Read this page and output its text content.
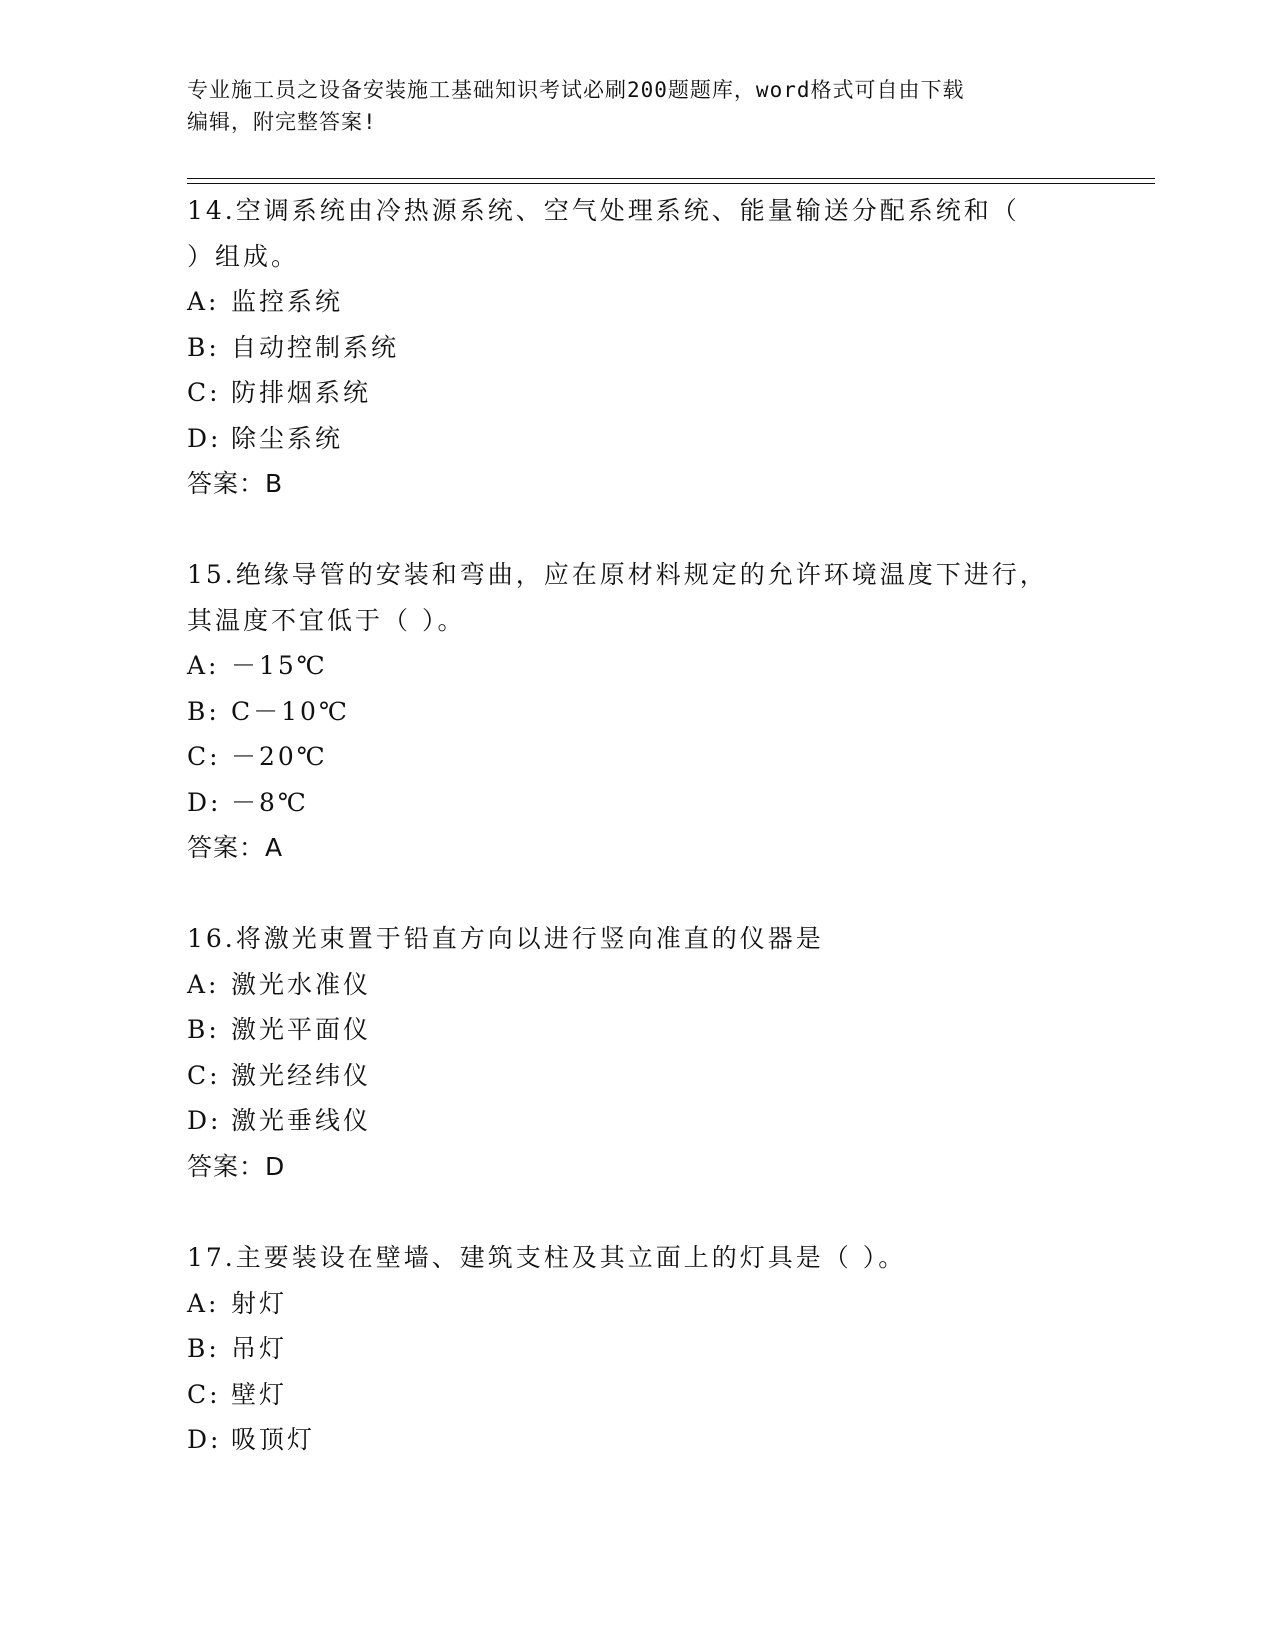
专业施工员之设备安装施工基础知识考试必刷200题题库，word格式可自由下载
编辑，附完整答案!
14.空调系统由冷热源系统、空气处理系统、能量输送分配系统和（
）组成。
A: 监控系统
B: 自动控制系统
C: 防排烟系统
D: 除尘系统
答案：B
15.绝缘导管的安装和弯曲，应在原材料规定的允许环境温度下进行，
其温度不宜低于（ ）。
A: －15℃
B: C－10℃
C: －20℃
D: －8℃
答案：A
16.将激光束置于铅直方向以进行竖向准直的仪器是
A: 激光水准仪
B: 激光平面仪
C: 激光经纬仪
D: 激光垂线仪
答案：D
17.主要装设在壁墙、建筑支柱及其立面上的灯具是（ ）。
A: 射灯
B: 吊灯
C: 壁灯
D: 吸顶灯
